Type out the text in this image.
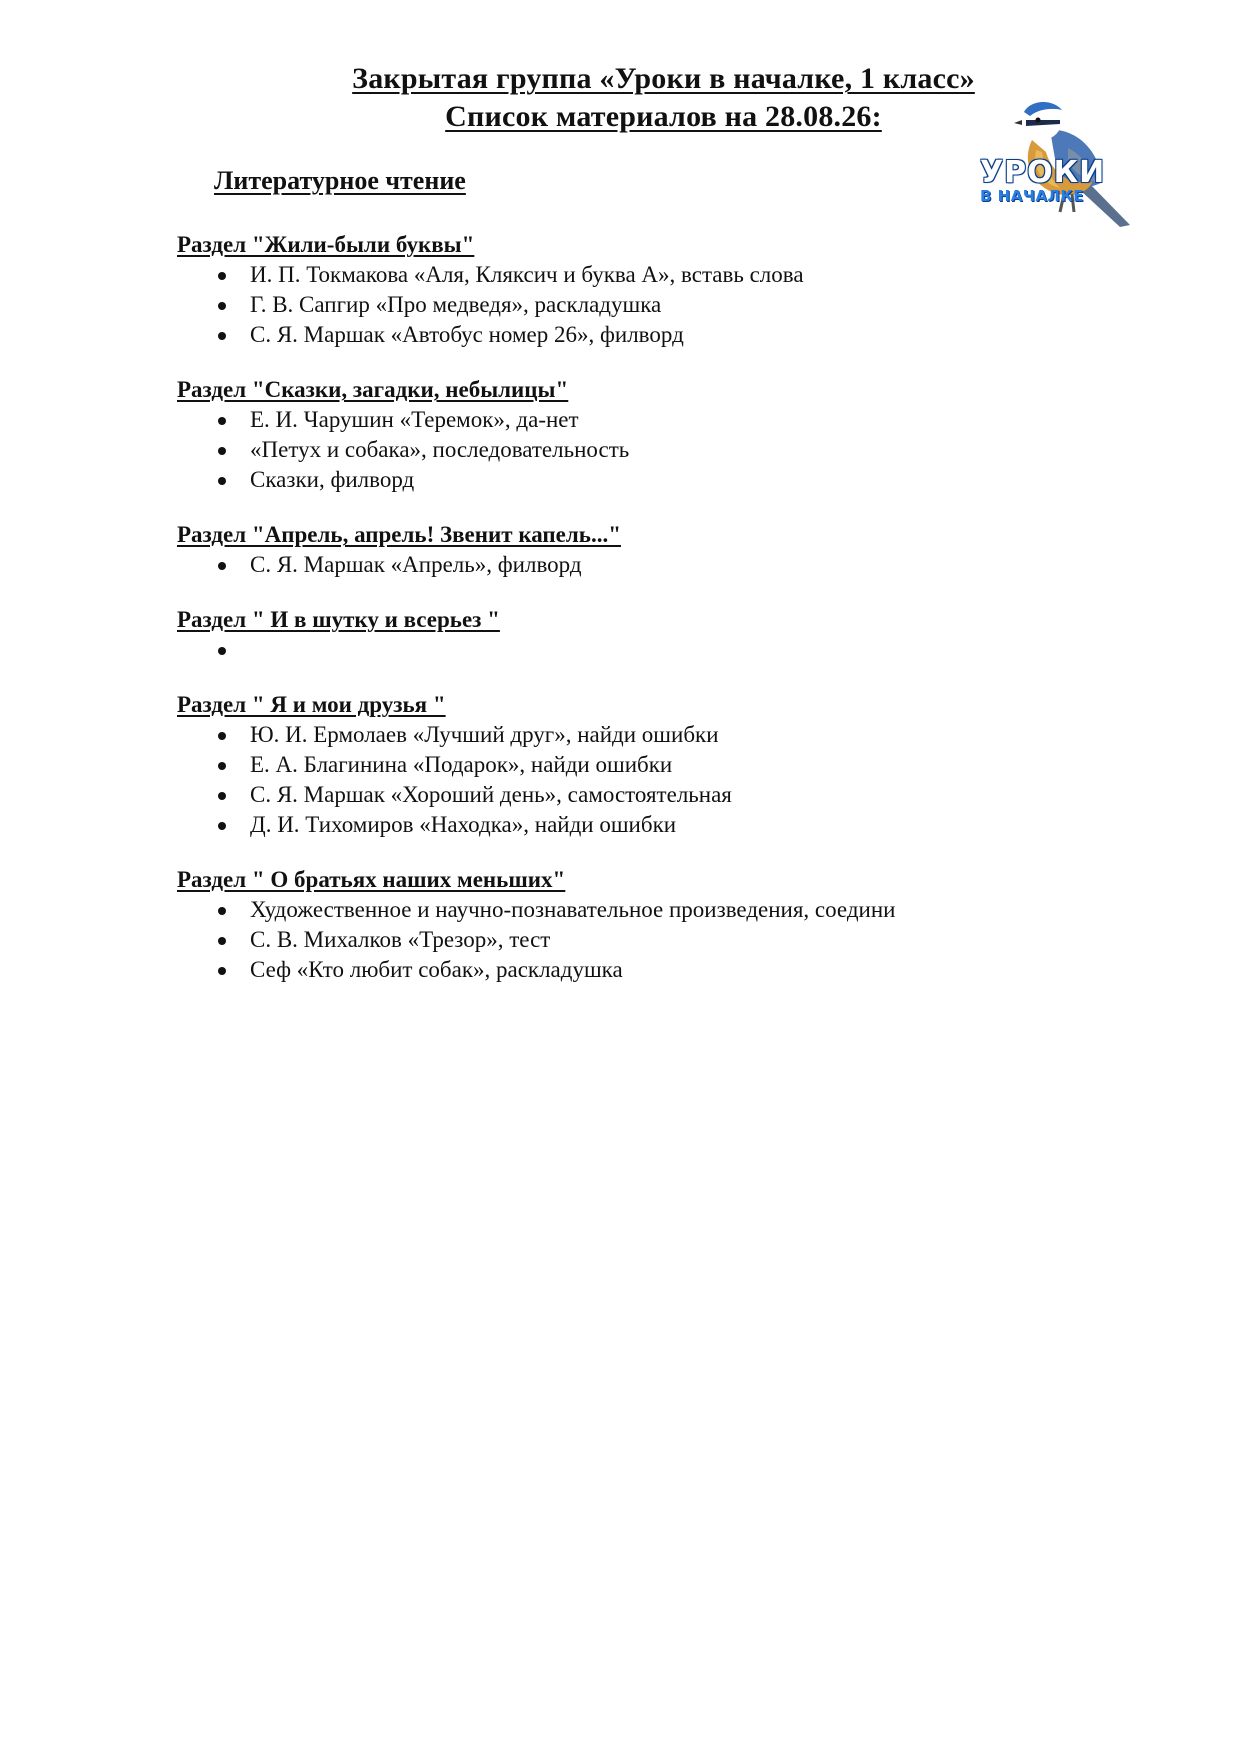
Закрытая группа «Уроки в началке, 1 класс»
Список материалов на 28.08.26:
УРОКИ
В НАЧАЛКЕ
Литературное чтение
Раздел "Жили-были буквы"
И. П. Токмакова «Аля, Кляксич и буква А», вставь слова
Г. В. Сапгир «Про медведя», раскладушка
С. Я. Маршак «Автобус номер 26», филворд
Раздел "Сказки, загадки, небылицы"
Е. И. Чарушин «Теремок», да-нет
«Петух и собака», последовательность
Сказки, филворд
Раздел "Апрель, апрель! Звенит капель..."
С. Я. Маршак «Апрель», филворд
Раздел " И в шутку и всерьез "
Раздел " Я и мои друзья "
Ю. И. Ермолаев «Лучший друг», найди ошибки
Е. А. Благинина «Подарок», найди ошибки
С. Я. Маршак «Хороший день», самостоятельная
Д. И. Тихомиров «Находка», найди ошибки
Раздел " О братьях наших меньших"
Художественное и научно-познавательное произведения, соедини
С. В. Михалков «Трезор», тест
Сеф «Кто любит собак», раскладушка
